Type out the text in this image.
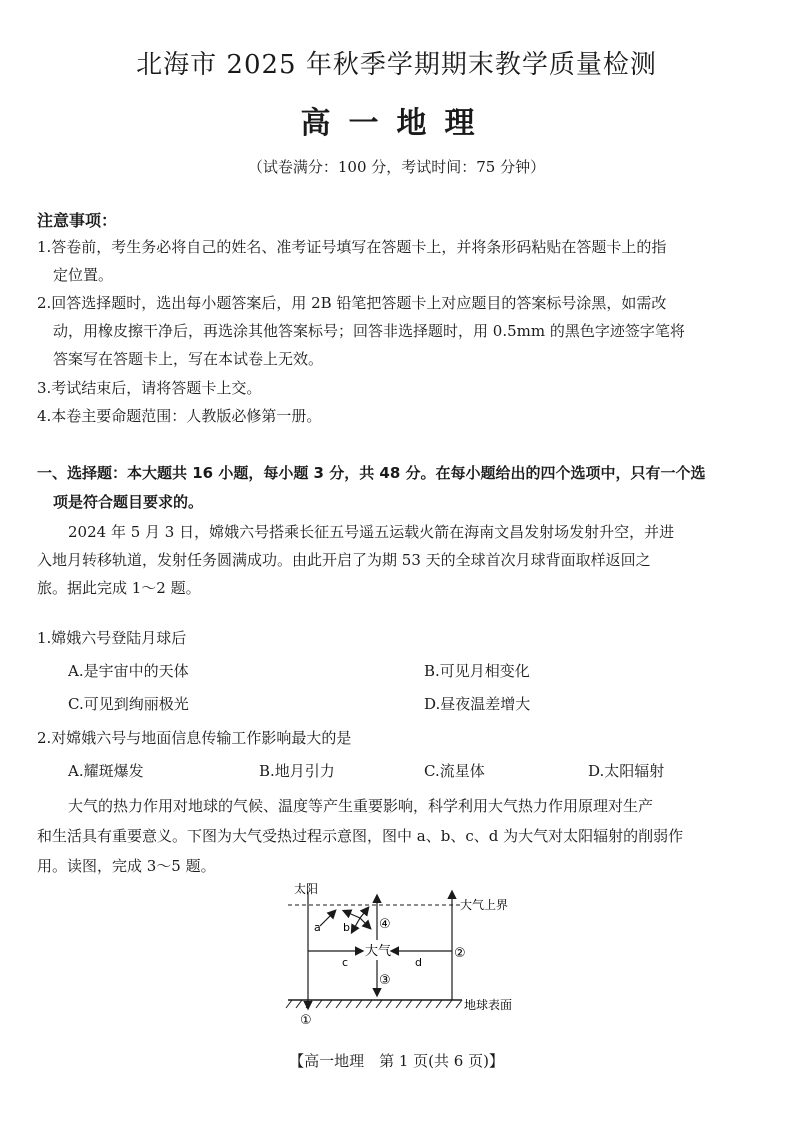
北海市 2025 年秋季学期期末教学质量检测
高一地理
（试卷满分：100 分，考试时间：75 分钟）
注意事项：
1.答卷前，考生务必将自己的姓名、准考证号填写在答题卡上，并将条形码粘贴在答题卡上的指
定位置。
2.回答选择题时，选出每小题答案后，用 2B 铅笔把答题卡上对应题目的答案标号涂黑，如需改
动，用橡皮擦干净后，再选涂其他答案标号；回答非选择题时，用 0.5mm 的黑色字迹签字笔将
答案写在答题卡上，写在本试卷上无效。
3.考试结束后，请将答题卡上交。
4.本卷主要命题范围：人教版必修第一册。
一、选择题：本大题共 16 小题，每小题 3 分，共 48 分。在每小题给出的四个选项中，只有一个选
项是符合题目要求的。
2024 年 5 月 3 日，嫦娥六号搭乘长征五号遥五运载火箭在海南文昌发射场发射升空，并进
入地月转移轨道，发射任务圆满成功。由此开启了为期 53 天的全球首次月球背面取样返回之
旅。据此完成 1～2 题。
1.嫦娥六号登陆月球后
A.是宇宙中的天体	B.可见月相变化
C.可见到绚丽极光	D.昼夜温差增大
2.对嫦娥六号与地面信息传输工作影响最大的是
A.耀斑爆发	B.地月引力	C.流星体	D.太阳辐射
大气的热力作用对地球的气候、温度等产生重要影响，科学利用大气热力作用原理对生产
和生活具有重要意义。下图为大气受热过程示意图，图中 a、b、c、d 为大气对太阳辐射的削弱作
用。读图，完成 3～5 题。
太阳
大气上界
大气
地球表面
a b
c	d
①
②
③
④
【高一地理　第 1 页(共 6 页)】
